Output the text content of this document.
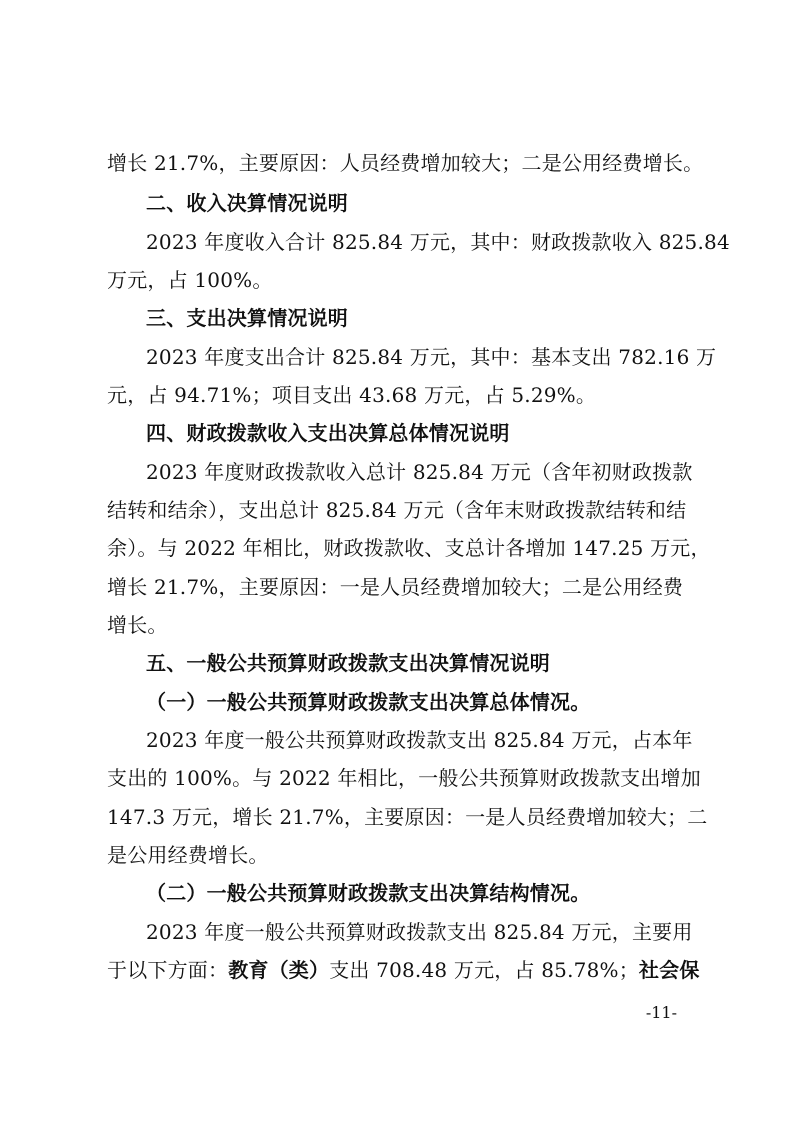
增长 21.7%，主要原因：人员经费增加较大；二是公用经费增长。
二、收入决算情况说明
2023 年度收入合计 825.84 万元，其中：财政拨款收入 825.84
万元，占 100%。
三、支出决算情况说明
2023 年度支出合计 825.84 万元，其中：基本支出 782.16 万
元，占 94.71%；项目支出 43.68 万元，占 5.29%。
四、财政拨款收入支出决算总体情况说明
2023 年度财政拨款收入总计 825.84 万元（含年初财政拨款
结转和结余），支出总计 825.84 万元（含年末财政拨款结转和结
余）。与 2022 年相比，财政拨款收、支总计各增加 147.25 万元，
增长 21.7%，主要原因：一是人员经费增加较大；二是公用经费
增长。
五、一般公共预算财政拨款支出决算情况说明
（一）一般公共预算财政拨款支出决算总体情况。
2023 年度一般公共预算财政拨款支出 825.84 万元，占本年
支出的 100%。与 2022 年相比，一般公共预算财政拨款支出增加
147.3 万元，增长 21.7%，主要原因：一是人员经费增加较大；二
是公用经费增长。
（二）一般公共预算财政拨款支出决算结构情况。
2023 年度一般公共预算财政拨款支出 825.84 万元，主要用
于以下方面：教育（类）支出 708.48 万元，占 85.78%；社会保
-11-
